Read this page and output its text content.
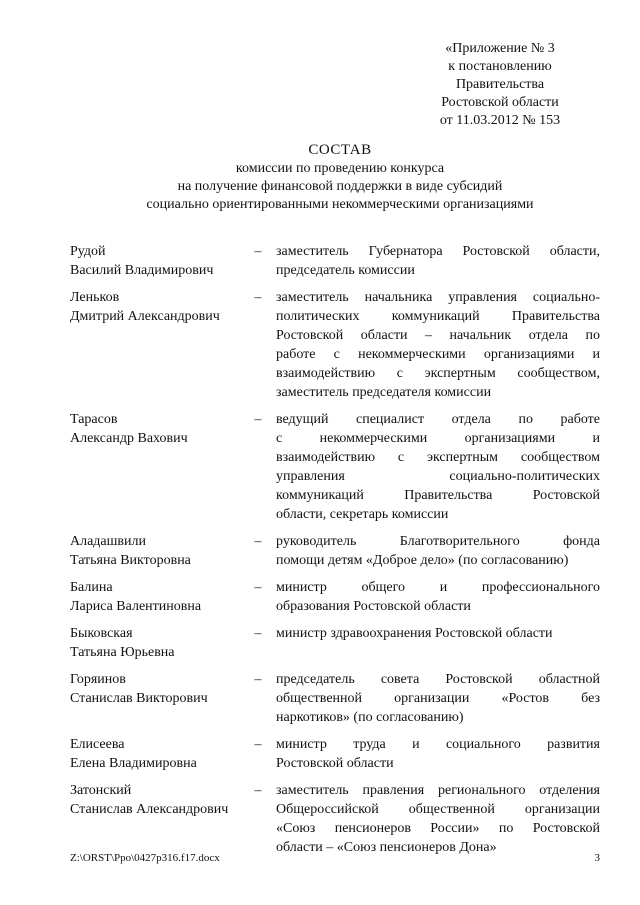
«Приложение № 3
к постановлению
Правительства
Ростовской области
от 11.03.2012 № 153
СОСТАВ
комиссии по проведению конкурса
на получение финансовой поддержки в виде субсидий
социально ориентированными некоммерческими организациями
Рудой
Василий Владимирович
–	заместитель Губернатора Ростовской области,
председатель комиссии
Леньков
Дмитрий Александрович
–	заместитель начальника управления социально-
политических коммуникаций Правительства
Ростовской области – начальник отдела по
работе с некоммерческими организациями и
взаимодействию с экспертным сообществом,
заместитель председателя комиссии
Тарасов
Александр Вахович
–	ведущий специалист отдела по работе
с некоммерческими организациями и
взаимодействию с экспертным сообществом
управления социально-политических
коммуникаций Правительства Ростовской
области, секретарь комиссии
Аладашвили
Татьяна Викторовна
–	руководитель Благотворительного фонда
помощи детям «Доброе дело» (по согласованию)
Балина
Лариса Валентиновна
–	министр общего и профессионального
образования Ростовской области
Быковская
Татьяна Юрьевна
–	министр здравоохранения Ростовской области
Горяинов
Станислав Викторович
–	председатель совета Ростовской областной
общественной организации «Ростов без
наркотиков» (по согласованию)
Елисеева
Елена Владимировна
–	министр труда и социального развития
Ростовской области
Затонский
Станислав Александрович
–	заместитель правления регионального отделения
Общероссийской общественной организации
«Союз пенсионеров России» по Ростовской
области – «Союз пенсионеров Дона»
Z:\ORST\Ppo\0427p316.f17.docx	3
